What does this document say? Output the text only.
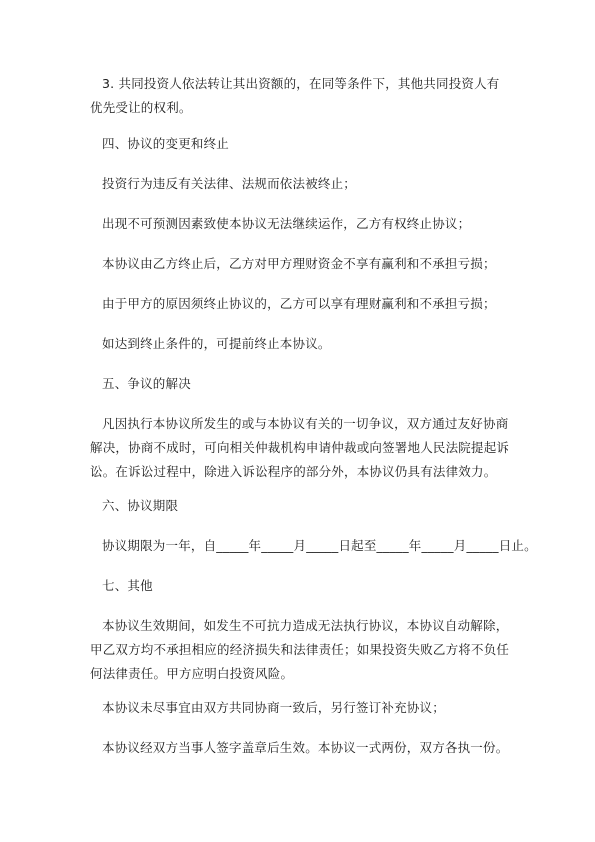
3. 共同投资人依法转让其出资额的，在同等条件下，其他共同投资人有优先受让的权利。

四、协议的变更和终止

投资行为违反有关法律、法规而依法被终止；

出现不可预测因素致使本协议无法继续运作，乙方有权终止协议；

本协议由乙方终止后，乙方对甲方理财资金不享有赢利和不承担亏损；

由于甲方的原因须终止协议的，乙方可以享有理财赢利和不承担亏损；

如达到终止条件的，可提前终止本协议。

五、争议的解决

凡因执行本协议所发生的或与本协议有关的一切争议，双方通过友好协商解决，协商不成时，可向相关仲裁机构申请仲裁或向签署地人民法院提起诉讼。在诉讼过程中，除进入诉讼程序的部分外，本协议仍具有法律效力。

六、协议期限

协议期限为一年，自_____年_____月_____日起至_____年_____月_____日止。

七、其他

本协议生效期间，如发生不可抗力造成无法执行协议，本协议自动解除，甲乙双方均不承担相应的经济损失和法律责任；如果投资失败乙方将不负任何法律责任。甲方应明白投资风险。

本协议未尽事宜由双方共同协商一致后，另行签订补充协议；

本协议经双方当事人签字盖章后生效。本协议一式两份，双方各执一份。
